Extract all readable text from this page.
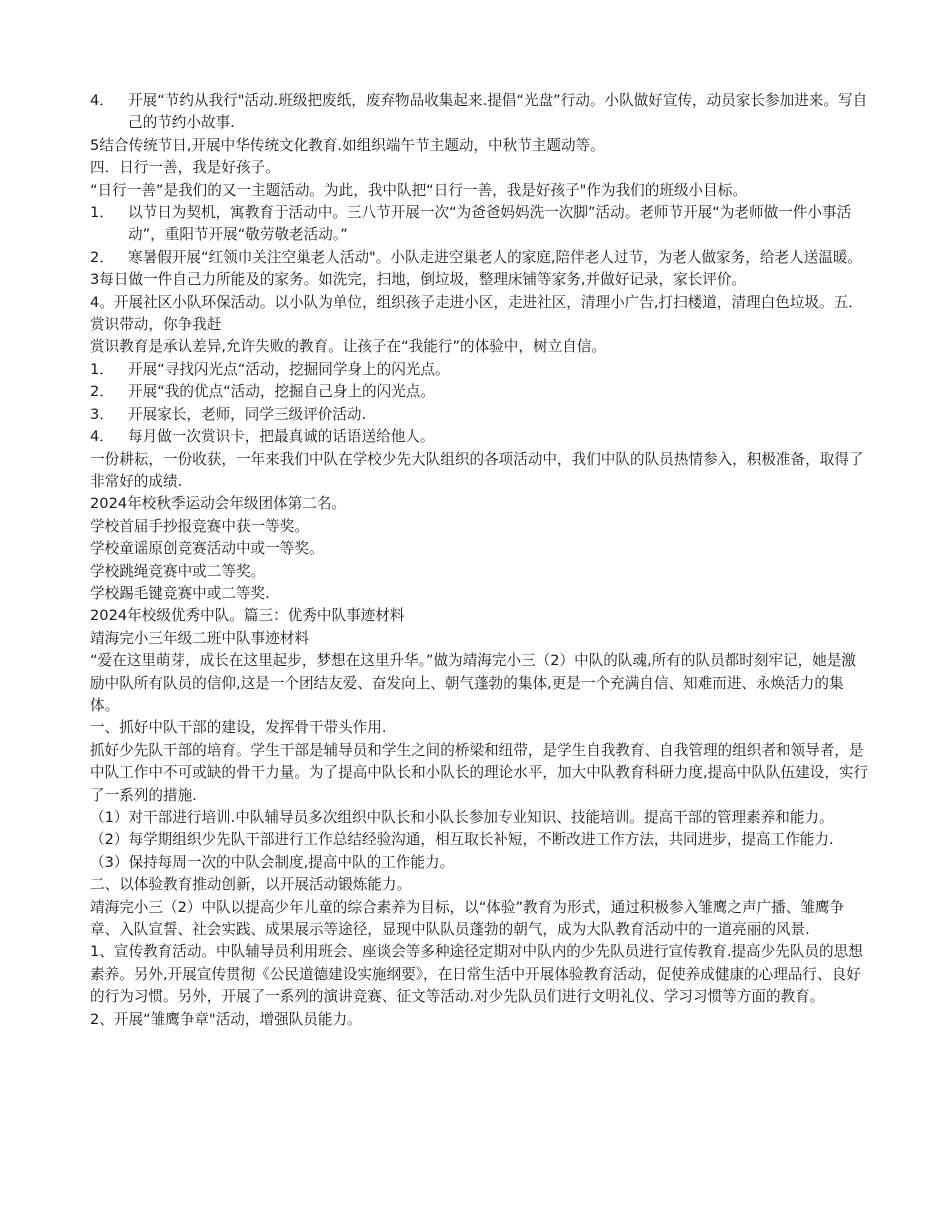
4． 开展“节约从我行"活动.班级把废纸，废弃物品收集起来.提倡“光盘”行动。小队做好宣传，动员家长参加进来。写自己的节约小故事.

5结合传统节日,开展中华传统文化教育.如组织端午节主题动，中秋节主题动等。

四．日行一善，我是好孩子。

“日行一善”是我们的又一主题活动。为此，我中队把“日行一善，我是好孩子"作为我们的班级小目标。

1． 以节日为契机，寓教育于活动中。三八节开展一次“为爸爸妈妈洗一次脚”活动。老师节开展“为老师做一件小事活动”，重阳节开展“敬劳敬老活动。”
2． 寒暑假开展“红领巾关注空巢老人活动"。小队走进空巢老人的家庭,陪伴老人过节，为老人做家务，给老人送温暖。

3每日做一件自己力所能及的家务。如洗完，扫地，倒垃圾，整理床铺等家务,并做好记录，家长评价。

4。开展社区小队环保活动。以小队为单位，组织孩子走进小区，走进社区，清理小广告,打扫楼道，清理白色垃圾。五．赏识带动，你争我赶

赏识教育是承认差异,允许失败的教育。让孩子在“我能行”的体验中，树立自信。

1． 开展“寻找闪光点“活动，挖掘同学身上的闪光点。
2． 开展“我的优点“活动，挖掘自己身上的闪光点。
3． 开展家长，老师，同学三级评价活动.
4． 每月做一次赏识卡，把最真诚的话语送给他人。

一份耕耘，一份收获，一年来我们中队在学校少先大队组织的各项活动中，我们中队的队员热情参入，积极准备，取得了非常好的成绩.

2024年校秋季运动会年级团体第二名。

学校首届手抄报竞赛中获一等奖。

学校童谣原创竞赛活动中或一等奖。

学校跳绳竞赛中或二等奖。

学校踢毛键竞赛中或二等奖.

2024年校级优秀中队。篇三：优秀中队事迹材料

靖海完小三年级二班中队事迹材料

“爱在这里萌芽，成长在这里起步，梦想在这里升华。”做为靖海完小三（2）中队的队魂,所有的队员都时刻牢记，她是激励中队所有队员的信仰,这是一个团结友爱、奋发向上、朝气蓬勃的集体,更是一个充满自信、知难而进、永焕活力的集体。

一、抓好中队干部的建设，发挥骨干带头作用.

抓好少先队干部的培育。学生干部是辅导员和学生之间的桥梁和纽带，是学生自我教育、自我管理的组织者和领导者，是中队工作中不可或缺的骨干力量。为了提高中队长和小队长的理论水平，加大中队教育科研力度,提高中队队伍建设，实行了一系列的措施.

（1）对干部进行培训.中队辅导员多次组织中队长和小队长参加专业知识、技能培训。提高干部的管理素养和能力。

（2）每学期组织少先队干部进行工作总结经验沟通，相互取长补短，不断改进工作方法，共同进步，提高工作能力.

（3）保持每周一次的中队会制度,提高中队的工作能力。

二、以体验教育推动创新，以开展活动锻炼能力。

靖海完小三（2）中队以提高少年儿童的综合素养为目标，以“体验”教育为形式，通过积极参入雏鹰之声广播、雏鹰争章、入队宣誓、社会实践、成果展示等途径，显现中队队员蓬勃的朝气，成为大队教育活动中的一道亮丽的风景.

1、宣传教育活动。中队辅导员利用班会、座谈会等多种途径定期对中队内的少先队员进行宣传教育.提高少先队员的思想素养。另外,开展宣传贯彻《公民道德建设实施纲要》，在日常生活中开展体验教育活动，促使养成健康的心理品行、良好的行为习惯。另外，开展了一系列的演讲竞赛、征文等活动.对少先队员们进行文明礼仪、学习习惯等方面的教育。

2、开展“雏鹰争章"活动，增强队员能力。
